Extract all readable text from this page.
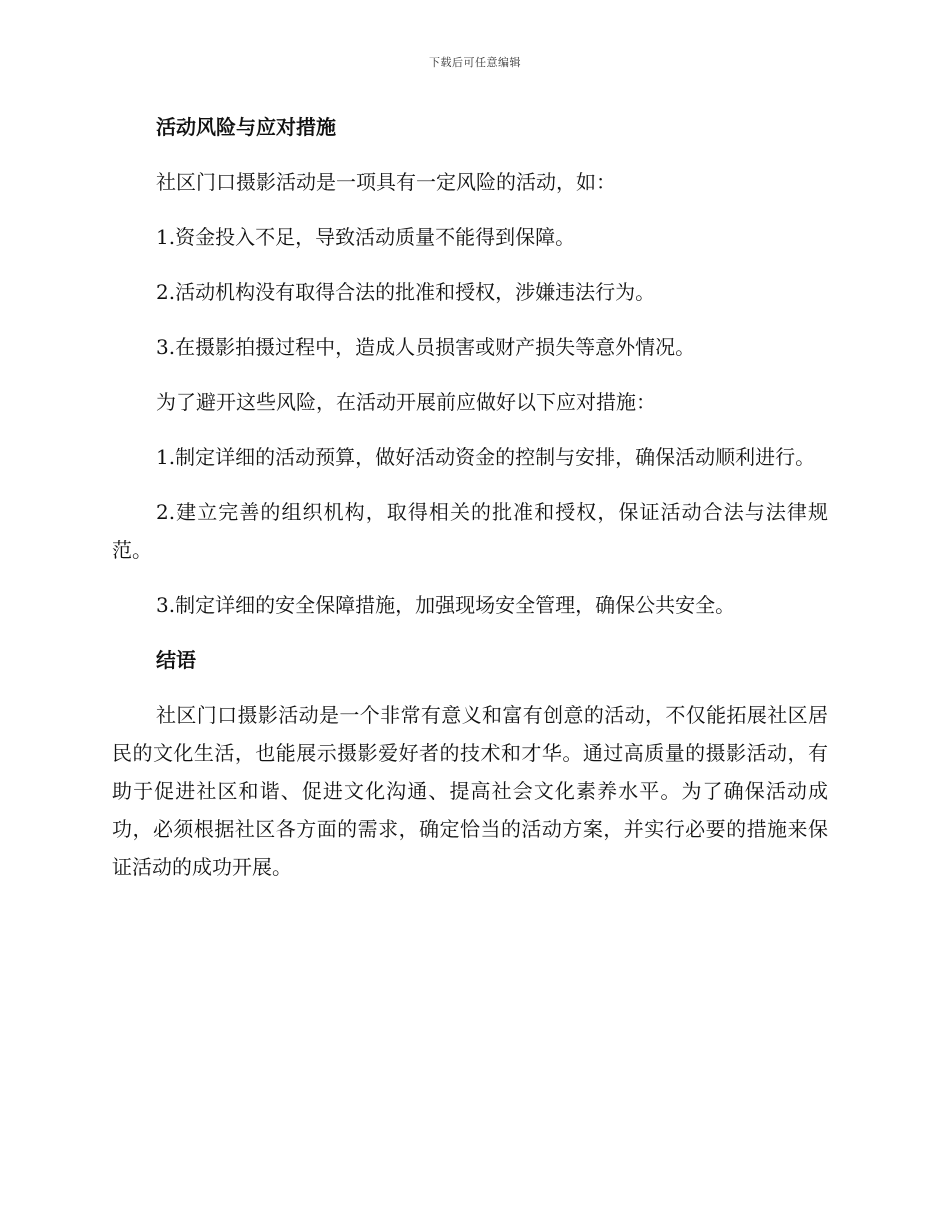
下载后可任意编辑
活动风险与应对措施

社区门口摄影活动是一项具有一定风险的活动，如：

1.资金投入不足，导致活动质量不能得到保障。

2.活动机构没有取得合法的批准和授权，涉嫌违法行为。

3.在摄影拍摄过程中，造成人员损害或财产损失等意外情况。

为了避开这些风险，在活动开展前应做好以下应对措施：

1.制定详细的活动预算，做好活动资金的控制与安排，确保活动顺利进行。

2.建立完善的组织机构，取得相关的批准和授权，保证活动合法与法律规范。

3.制定详细的安全保障措施，加强现场安全管理，确保公共安全。

结语

社区门口摄影活动是一个非常有意义和富有创意的活动，不仅能拓展社区居民的文化生活，也能展示摄影爱好者的技术和才华。通过高质量的摄影活动，有助于促进社区和谐、促进文化沟通、提高社会文化素养水平。为了确保活动成功，必须根据社区各方面的需求，确定恰当的活动方案，并实行必要的措施来保证活动的成功开展。
